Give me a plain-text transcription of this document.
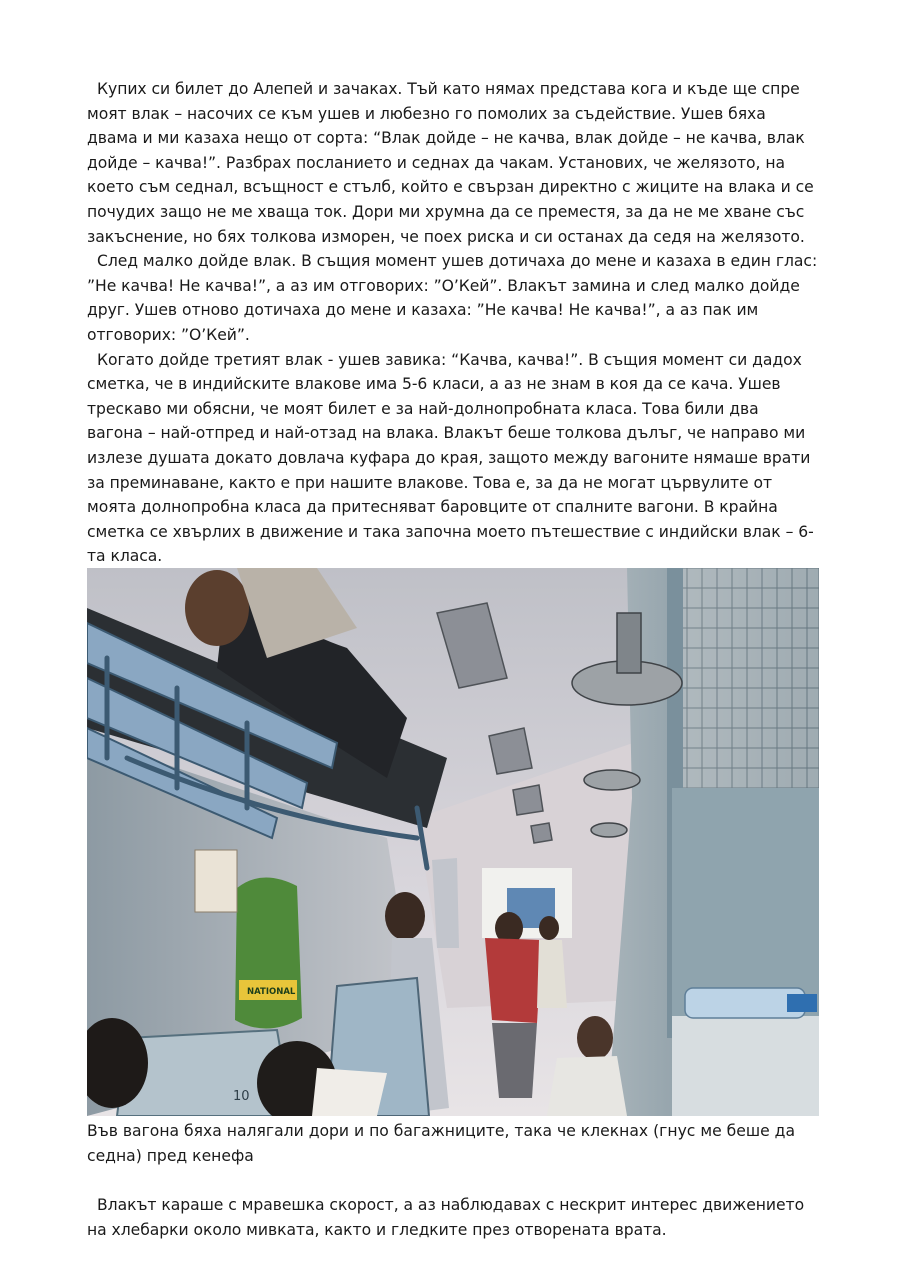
Купих си билет до Алепей и зачаках. Тъй като нямах представа кога и къде ще спре моят влак – насочих се към ушев и любезно го помолих за съдействие. Ушев бяха двама и ми казаха нещо от сорта: “Влак дойде – не качва, влак дойде – не качва, влак дойде – качва!”. Разбрах посланието и седнах да чакам. Установих, че желязото, на което съм седнал, всъщност е стълб, който е свързан директно с жиците на влака и се почудих защо не ме хваща ток. Дори ми хрумна да се преместя, за да не ме хване със закъснение, но бях толкова изморен, че поех риска и си останах да седя на желязото.

След малко дойде влак. В същия момент ушев дотичаха до мене и казаха в един глас: ”Не качва! Не качва!”, а аз им отговорих: ”О’Кей”. Влакът замина и след малко дойде друг. Ушев отново дотичаха до мене и казаха: ”Не качва! Не качва!”, а аз пак им отговорих: ”О’Кей”.

Когато дойде третият влак - ушев завика: “Качва, качва!”. В същия момент си дадох сметка, че в индийските влакове има 5-6 класи, а аз не знам в коя да се кача. Ушев трескаво ми обясни, че моят билет е за най-долнопробната класа. Това били два вагона – най-отпред и най-отзад на влака. Влакът беше толкова дълъг, че направо ми излезе душата докато довлача куфара до края, защото между вагоните нямаше врати за преминаване, както е при нашите влакове. Това е, за да не могат цървулите от моята долнопробна класа да притесняват баровците от спалните вагони. В крайна сметка се хвърлих в движение и така започна моето пътешествие с индийски влак – 6-та класа.

NATIONAL
10

Във вагона бяха налягали дори и по багажниците, така че клекнах (гнус ме беше да седна) пред кенефа

Влакът караше с мравешка скорост, а аз наблюдавах с нескрит интерес движението на хлебарки около мивката, както и гледките през отворената врата.
